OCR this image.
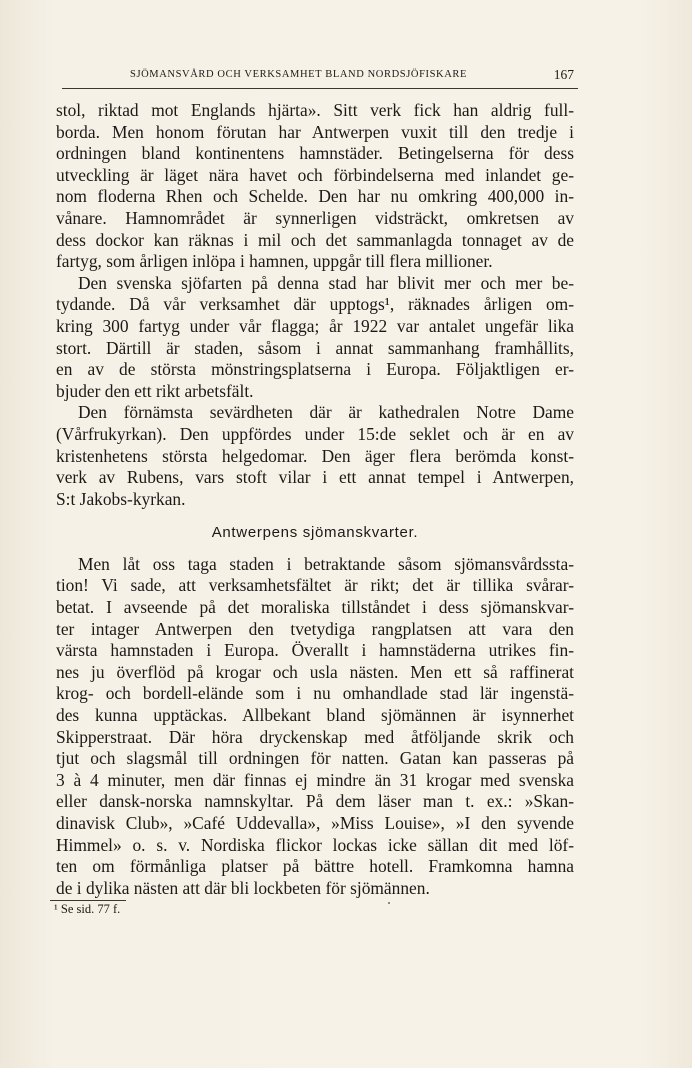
SJÖMANSVÅRD OCH VERKSAMHET BLAND NORDSJÖFISKARE	167
stol, riktad mot Englands hjärta». Sitt verk fick han aldrig full-
borda. Men honom förutan har Antwerpen vuxit till den tredje i
ordningen bland kontinentens hamnstäder. Betingelserna för dess
utveckling är läget nära havet och förbindelserna med inlandet ge-
nom floderna Rhen och Schelde. Den har nu omkring 400,000 in-
vånare. Hamnområdet är synnerligen vidsträckt, omkretsen av
dess dockor kan räknas i mil och det sammanlagda tonnaget av de
fartyg, som årligen inlöpa i hamnen, uppgår till flera millioner.
Den svenska sjöfarten på denna stad har blivit mer och mer be-
tydande. Då vår verksamhet där upptogs¹, räknades årligen om-
kring 300 fartyg under vår flagga; år 1922 var antalet ungefär lika
stort. Därtill är staden, såsom i annat sammanhang framhållits,
en av de största mönstringsplatserna i Europa. Följaktligen er-
bjuder den ett rikt arbetsfält.
Den förnämsta sevärdheten där är kathedralen Notre Dame
(Vårfrukyrkan). Den uppfördes under 15:de seklet och är en av
kristenhetens största helgedomar. Den äger flera berömda konst-
verk av Rubens, vars stoft vilar i ett annat tempel i Antwerpen,
S:t Jakobs-kyrkan.
Antwerpens sjömanskvarter.
Men låt oss taga staden i betraktande såsom sjömansvårdssta-
tion! Vi sade, att verksamhetsfältet är rikt; det är tillika svårar-
betat. I avseende på det moraliska tillståndet i dess sjömanskvar-
ter intager Antwerpen den tvetydiga rangplatsen att vara den
värsta hamnstaden i Europa. Överallt i hamnstäderna utrikes fin-
nes ju överflöd på krogar och usla nästen. Men ett så raffinerat
krog- och bordell-elände som i nu omhandlade stad lär ingenstä-
des kunna upptäckas. Allbekant bland sjömännen är isynnerhet
Skipperstraat. Där höra dryckenskap med åtföljande skrik och
tjut och slagsmål till ordningen för natten. Gatan kan passeras på
3 à 4 minuter, men där finnas ej mindre än 31 krogar med svenska
eller dansk-norska namnskyltar. På dem läser man t. ex.: »Skan-
dinavisk Club», »Café Uddevalla», »Miss Louise», »I den syvende
Himmel» o. s. v. Nordiska flickor lockas icke sällan dit med löf-
ten om förmånliga platser på bättre hotell. Framkomna hamna
de i dylika nästen att där bli lockbeten för sjömännen.
¹ Se sid. 77 f.
